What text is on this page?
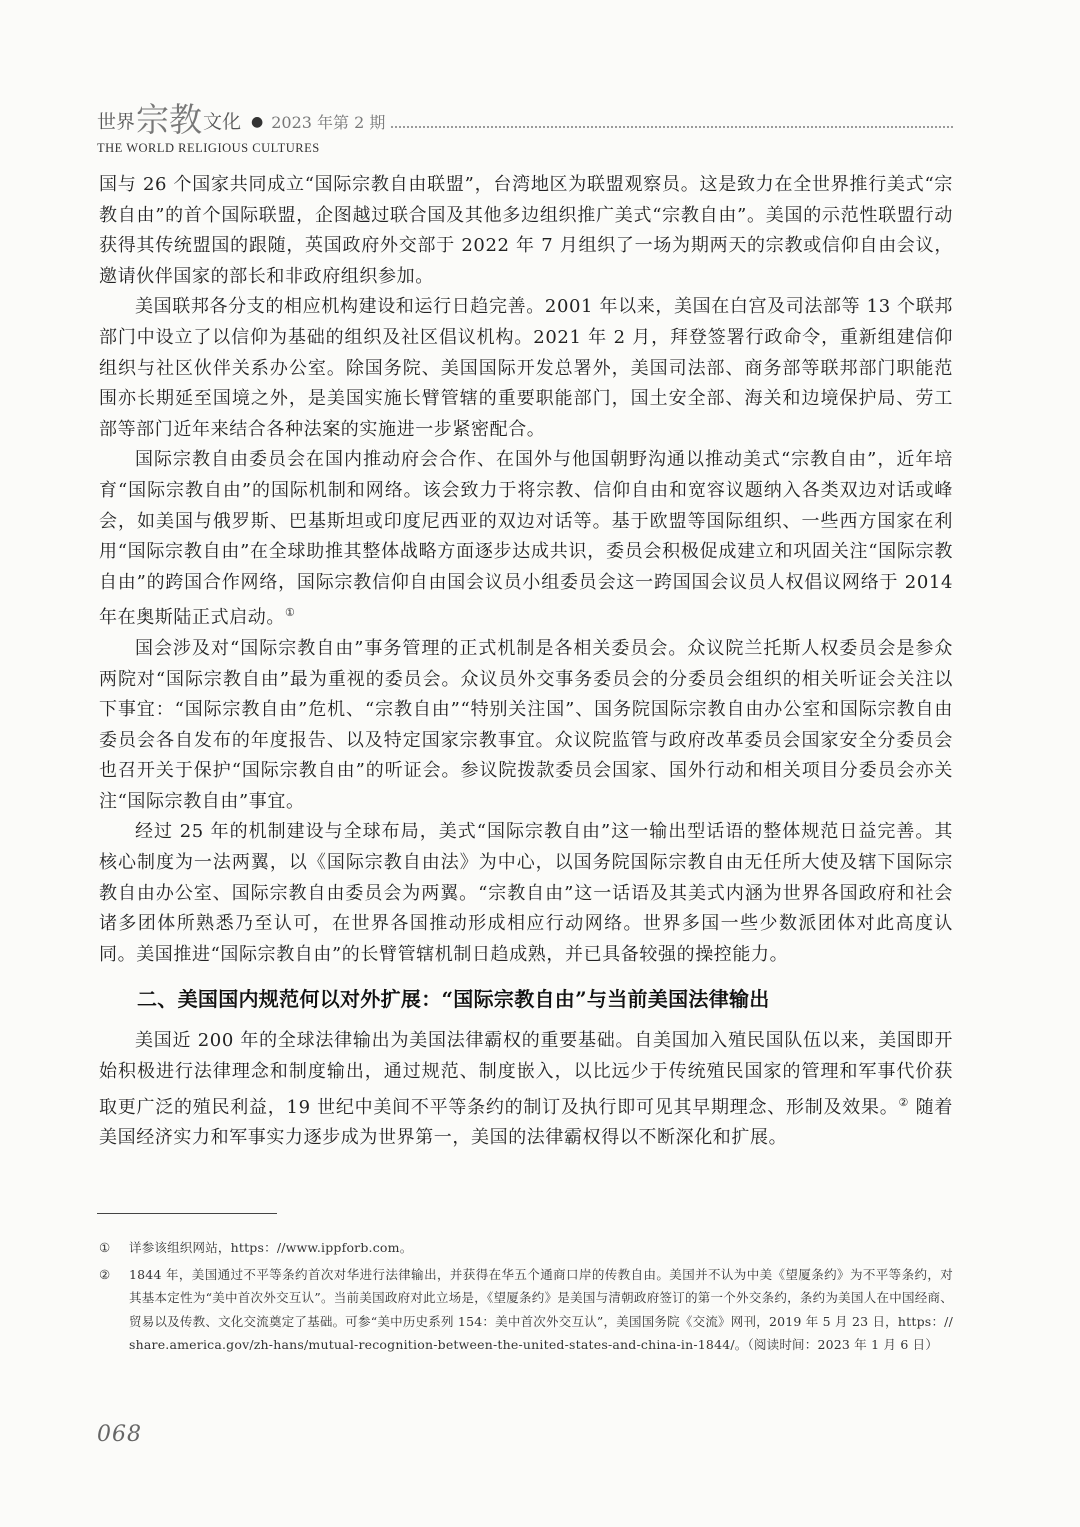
世界 宗教 文化 ● 2023 年第 2 期
THE WORLD RELIGIOUS CULTURES

国与 26 个国家共同成立“国际宗教自由联盟”，台湾地区为联盟观察员。这是致力在全世界推行美式“宗教自由”的首个国际联盟，企图越过联合国及其他多边组织推广美式“宗教自由”。美国的示范性联盟行动获得其传统盟国的跟随，英国政府外交部于 2022 年 7 月组织了一场为期两天的宗教或信仰自由会议，邀请伙伴国家的部长和非政府组织参加。

美国联邦各分支的相应机构建设和运行日趋完善。2001 年以来，美国在白宫及司法部等 13 个联邦部门中设立了以信仰为基础的组织及社区倡议机构。2021 年 2 月，拜登签署行政命令，重新组建信仰组织与社区伙伴关系办公室。除国务院、美国国际开发总署外，美国司法部、商务部等联邦部门职能范围亦长期延至国境之外，是美国实施长臂管辖的重要职能部门，国土安全部、海关和边境保护局、劳工部等部门近年来结合各种法案的实施进一步紧密配合。

国际宗教自由委员会在国内推动府会合作、在国外与他国朝野沟通以推动美式“宗教自由”，近年培育“国际宗教自由”的国际机制和网络。该会致力于将宗教、信仰自由和宽容议题纳入各类双边对话或峰会，如美国与俄罗斯、巴基斯坦或印度尼西亚的双边对话等。基于欧盟等国际组织、一些西方国家在利用“国际宗教自由”在全球助推其整体战略方面逐步达成共识，委员会积极促成建立和巩固关注“国际宗教自由”的跨国合作网络，国际宗教信仰自由国会议员小组委员会这一跨国国会议员人权倡议网络于 2014 年在奥斯陆正式启动。①

国会涉及对“国际宗教自由”事务管理的正式机制是各相关委员会。众议院兰托斯人权委员会是参众两院对“国际宗教自由”最为重视的委员会。众议员外交事务委员会的分委员会组织的相关听证会关注以下事宜：“国际宗教自由”危机、“宗教自由”“特别关注国”、国务院国际宗教自由办公室和国际宗教自由委员会各自发布的年度报告、以及特定国家宗教事宜。众议院监管与政府改革委员会国家安全分委员会也召开关于保护“国际宗教自由”的听证会。参议院拨款委员会国家、国外行动和相关项目分委员会亦关注“国际宗教自由”事宜。

经过 25 年的机制建设与全球布局，美式“国际宗教自由”这一输出型话语的整体规范日益完善。其核心制度为一法两翼，以《国际宗教自由法》为中心，以国务院国际宗教自由无任所大使及辖下国际宗教自由办公室、国际宗教自由委员会为两翼。“宗教自由”这一话语及其美式内涵为世界各国政府和社会诸多团体所熟悉乃至认可，在世界各国推动形成相应行动网络。世界多国一些少数派团体对此高度认同。美国推进“国际宗教自由”的长臂管辖机制日趋成熟，并已具备较强的操控能力。

二、美国国内规范何以对外扩展：“国际宗教自由”与当前美国法律输出

美国近 200 年的全球法律输出为美国法律霸权的重要基础。自美国加入殖民国队伍以来，美国即开始积极进行法律理念和制度输出，通过规范、制度嵌入，以比远少于传统殖民国家的管理和军事代价获取更广泛的殖民利益，19 世纪中美间不平等条约的制订及执行即可见其早期理念、形制及效果。② 随着美国经济实力和军事实力逐步成为世界第一，美国的法律霸权得以不断深化和扩展。

①	详参该组织网站，https：//www.ippforb.com。
②	1844 年，美国通过不平等条约首次对华进行法律输出，并获得在华五个通商口岸的传教自由。美国并不认为中美《望厦条约》为不平等条约，对其基本定性为“美中首次外交互认”。当前美国政府对此立场是，《望厦条约》是美国与清朝政府签订的第一个外交条约，条约为美国人在中国经商、贸易以及传教、文化交流奠定了基础。可参“美中历史系列 154：美中首次外交互认”，美国国务院《交流》网刊，2019 年 5 月 23 日，https：//share.america.gov/zh-hans/mutual-recognition-between-the-united-states-and-china-in-1844/。（阅读时间：2023 年 1 月 6 日）
068
